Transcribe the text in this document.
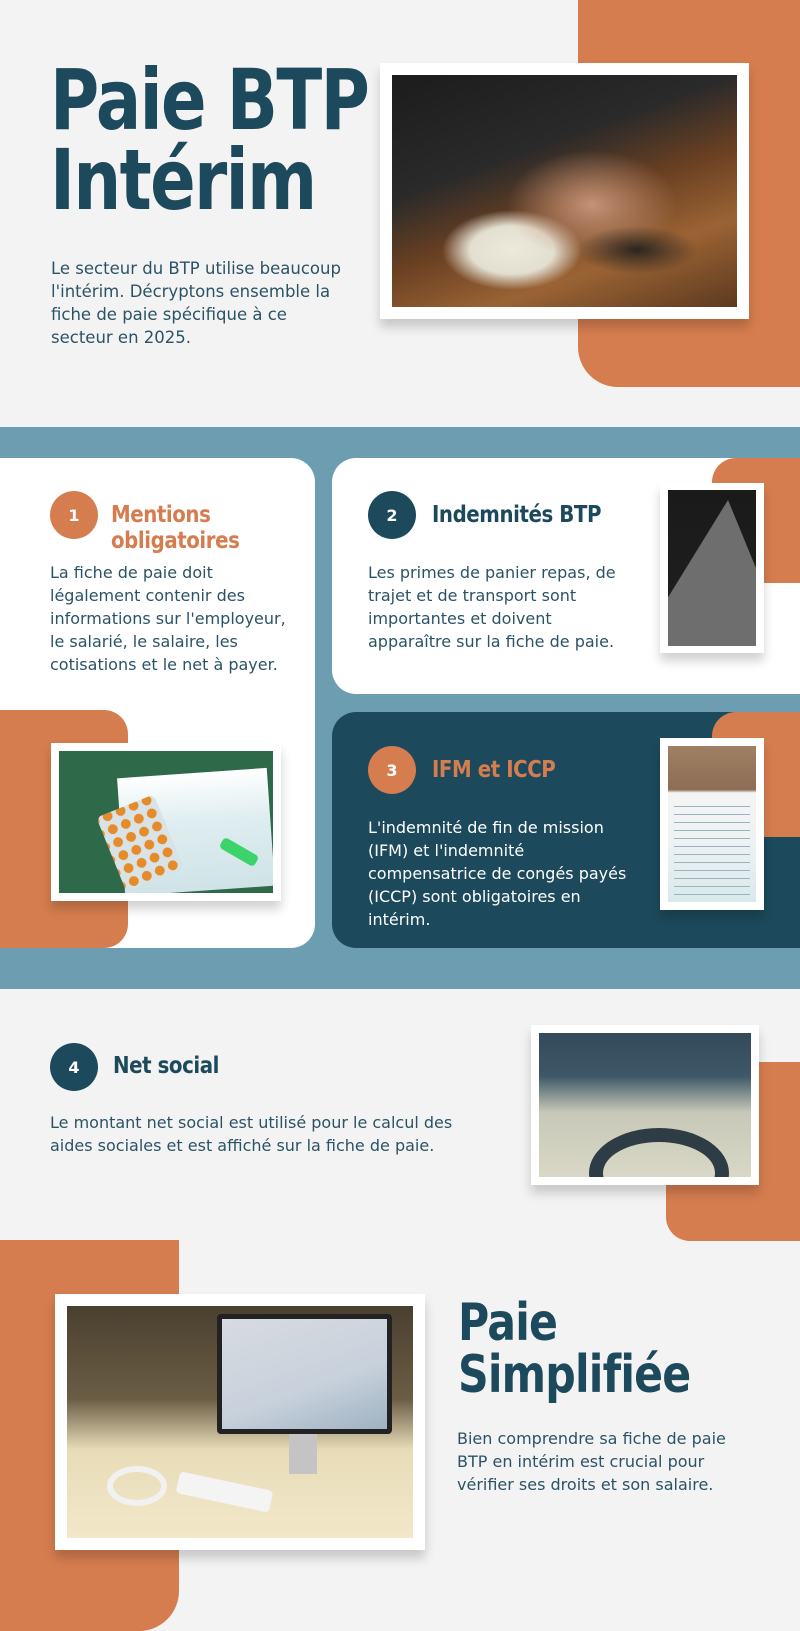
Paie BTP
Intérim

Le secteur du BTP utilise beaucoup l'intérim. Décryptons ensemble la fiche de paie spécifique à ce secteur en 2025.

1	Mentions
obligatoires

La fiche de paie doit légalement contenir des informations sur l'employeur, le salarié, le salaire, les cotisations et le net à payer.

2	Indemnités BTP

Les primes de panier repas, de trajet et de transport sont importantes et doivent apparaître sur la fiche de paie.

3	IFM et ICCP

L'indemnité de fin de mission (IFM) et l'indemnité compensatrice de congés payés (ICCP) sont obligatoires en intérim.

4	Net social

Le montant net social est utilisé pour le calcul des aides sociales et est affiché sur la fiche de paie.

Paie Simplifiée

Bien comprendre sa fiche de paie BTP en intérim est crucial pour vérifier ses droits et son salaire.
